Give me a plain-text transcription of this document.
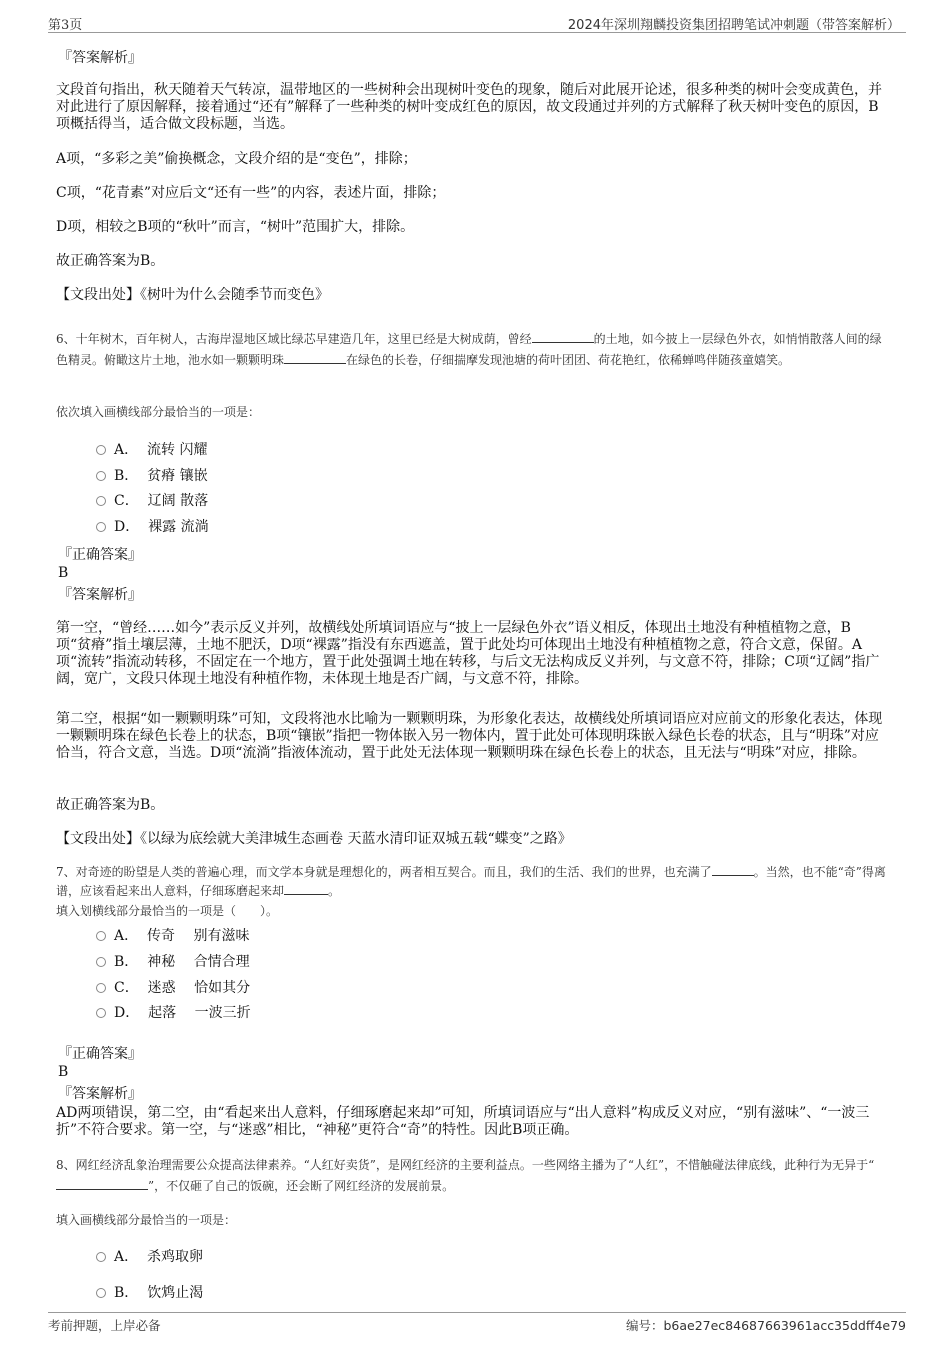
第3页	2024年深圳翔麟投资集团招聘笔试冲刺题（带答案解析）
『答案解析』
文段首句指出，秋天随着天气转凉，温带地区的一些树种会出现树叶变色的现象，随后对此展开论述，很多种类的树叶会变成黄色，并对此进行了原因解释，接着通过“还有”解释了一些种类的树叶变成红色的原因，故文段通过并列的方式解释了秋天树叶变色的原因，B项概括得当，适合做文段标题，当选。
A项，“多彩之美”偷换概念，文段介绍的是“变色”，排除；
C项，“花青素”对应后文“还有一些”的内容，表述片面，排除；
D项，相较之B项的“秋叶”而言，“树叶”范围扩大，排除。
故正确答案为B。
【文段出处】《树叶为什么会随季节而变色》
6、十年树木，百年树人，古海岸湿地区域比绿芯早建造几年，这里已经是大树成荫，曾经	的土地，如今披上一层绿色外衣，如悄悄散落人间的绿色精灵。俯瞰这片土地，池水如一颗颗明珠	在绿色的长卷，仔细揣摩发现池塘的荷叶团团、荷花艳红，依稀蝉鸣伴随孩童嬉笑。
依次填入画横线部分最恰当的一项是：
A． 流转 闪耀
B． 贫瘠 镶嵌
C． 辽阔 散落
D． 裸露 流淌
『正确答案』
B
『答案解析』
第一空，“曾经……如今”表示反义并列，故横线处所填词语应与“披上一层绿色外衣”语义相反，体现出土地没有种植植物之意，B项“贫瘠”指土壤层薄，土地不肥沃，D项“裸露”指没有东西遮盖，置于此处均可体现出土地没有种植植物之意，符合文意，保留。A项“流转”指流动转移，不固定在一个地方，置于此处强调土地在转移，与后文无法构成反义并列，与文意不符，排除；C项“辽阔”指广阔，宽广，文段只体现土地没有种植作物，未体现土地是否广阔，与文意不符，排除。
第二空，根据“如一颗颗明珠”可知，文段将池水比喻为一颗颗明珠，为形象化表达，故横线处所填词语应对应前文的形象化表达，体现一颗颗明珠在绿色长卷上的状态，B项“镶嵌”指把一物体嵌入另一物体内，置于此处可体现明珠嵌入绿色长卷的状态，且与“明珠”对应恰当，符合文意，当选。D项“流淌”指液体流动，置于此处无法体现一颗颗明珠在绿色长卷上的状态，且无法与“明珠”对应，排除。
故正确答案为B。
【文段出处】《以绿为底绘就大美津城生态画卷 天蓝水清印证双城五载“蝶变”之路》
7、对奇迹的盼望是人类的普遍心理，而文学本身就是理想化的，两者相互契合。而且，我们的生活、我们的世界，也充满了	。当然，也不能“奇”得离谱，应该看起来出人意料，仔细琢磨起来却	。
填入划横线部分最恰当的一项是（　　）。
A． 传奇　 别有滋味
B． 神秘　 合情合理
C． 迷惑　 恰如其分
D． 起落　 一波三折
『正确答案』
B
『答案解析』
AD两项错误，第二空，由“看起来出人意料，仔细琢磨起来却”可知，所填词语应与“出人意料”构成反义对应，“别有滋味”、“一波三折”不符合要求。第一空，与“迷惑”相比，“神秘”更符合“奇”的特性。因此B项正确。
8、网红经济乱象治理需要公众提高法律素养。“人红好卖货”，是网红经济的主要利益点。一些网络主播为了“人红”，不惜触碰法律底线，此种行为无异于“”，不仅砸了自己的饭碗，还会断了网红经济的发展前景。
填入画横线部分最恰当的一项是：
A． 杀鸡取卵
B． 饮鸩止渴
考前押题，上岸必备	编号：b6ae27ec84687663961acc35ddff4e79
